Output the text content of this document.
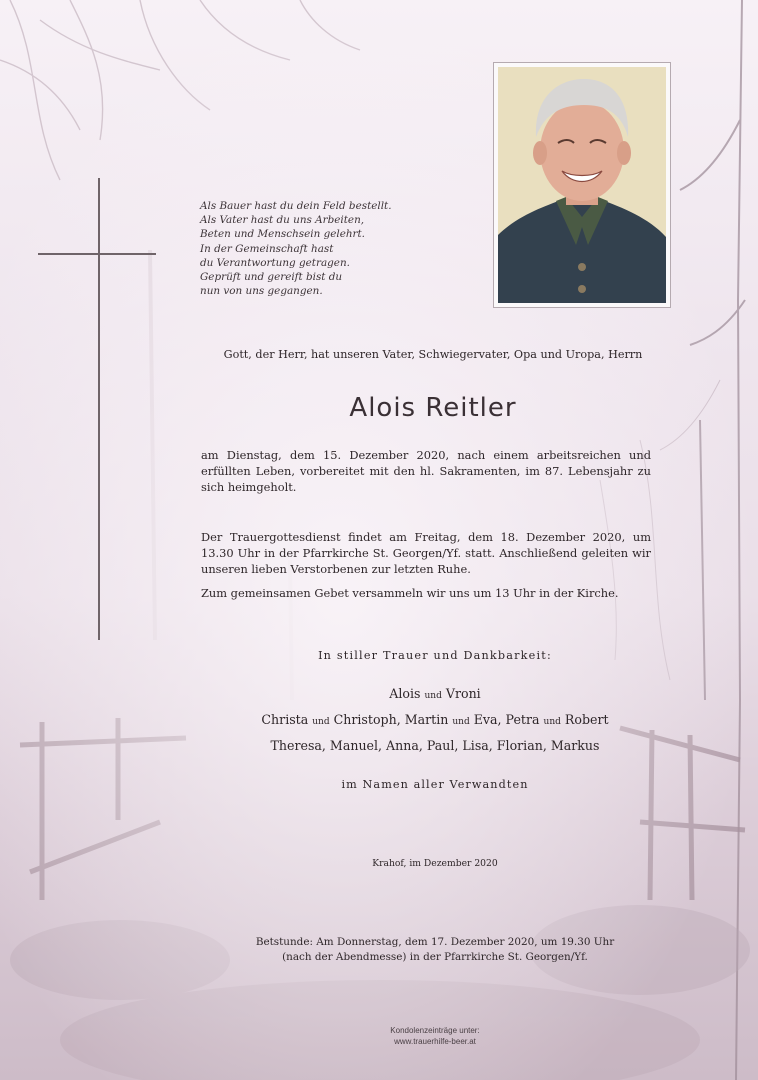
Als Bauer hast du dein Feld bestellt.
Als Vater hast du uns Arbeiten,
Beten und Menschsein gelehrt.
In der Gemeinschaft hast
du Verantwortung getragen.
Geprüft und gereift bist du
nun von uns gegangen.
Gott, der Herr, hat unseren Vater, Schwiegervater, Opa und Uropa, Herrn
Alois Reitler
am Dienstag, dem 15. Dezember 2020, nach einem arbeitsreichen und erfüllten Leben, vorbereitet mit den hl. Sakramenten, im 87. Lebensjahr zu sich heimgeholt.
Der Trauergottesdienst findet am Freitag, dem 18. Dezember 2020, um 13.30 Uhr in der Pfarrkirche St. Georgen/Yf. statt. Anschließend geleiten wir unseren lieben Verstorbenen zur letzten Ruhe.
Zum gemeinsamen Gebet versammeln wir uns um 13 Uhr in der Kirche.
In stiller Trauer und Dankbarkeit:
Alois und Vroni
Christa und Christoph, Martin und Eva, Petra und Robert
Theresa, Manuel, Anna, Paul, Lisa, Florian, Markus
im Namen aller Verwandten
Krahof, im Dezember 2020
Betstunde: Am Donnerstag, dem 17. Dezember 2020, um 19.30 Uhr
(nach der Abendmesse) in der Pfarrkirche St. Georgen/Yf.
Kondolenzeinträge unter:
www.trauerhilfe-beer.at
